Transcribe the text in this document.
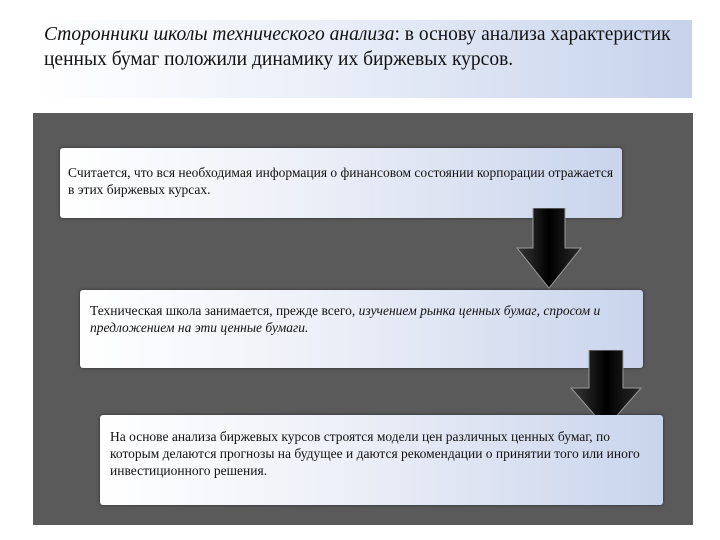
Сторонники школы технического анализа: в основу анализа характеристик ценных бумаг положили динамику их биржевых курсов.

Считается, что вся необходимая информация о финансовом состоянии корпорации отражается в этих биржевых курсах.

Техническая школа занимается, прежде всего, изучением рынка ценных бумаг, спросом и предложением на эти ценные бумаги.

На основе анализа биржевых курсов строятся модели цен различных ценных бумаг, по которым делаются прогнозы на будущее и даются рекомендации о принятии того или иного инвестиционного решения.
